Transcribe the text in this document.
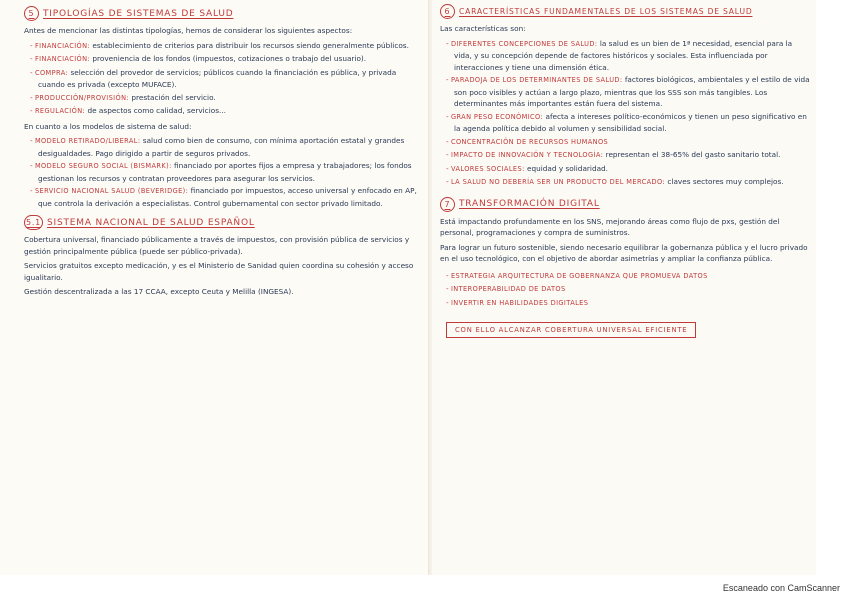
5 TIPOLOGÍAS DE SISTEMAS DE SALUD

Antes de mencionar las distintas tipologías, hemos de considerar los siguientes aspectos:

- FINANCIACIÓN: establecimiento de criterios para distribuir los recursos siendo generalmente públicos.
- FINANCIACIÓN: proveniencia de los fondos (impuestos, cotizaciones o trabajo del usuario).
- COMPRA: selección del provedor de servicios; públicos cuando la financiación es pública, y privada cuando es privada (excepto MUFACE).
- PRODUCCIÓN/PROVISIÓN: prestación del servicio.
- REGULACIÓN: de aspectos como calidad, servicios...

En cuanto a los modelos de sistema de salud:

- MODELO RETIRADO/LIBERAL: salud como bien de consumo, con mínima aportación estatal y grandes desigualdades. Pago dirigido a partir de seguros privados.
- MODELO SEGURO SOCIAL (BISMARK): financiado por aportes fijos a empresa y trabajadores; los fondos gestionan los recursos y contratan proveedores para asegurar los servicios.
- SERVICIO NACIONAL SALUD (BEVERIDGE): financiado por impuestos, acceso universal y enfocado en AP, que controla la derivación a especialistas. Control gubernamental con sector privado limitado.
5.1 SISTEMA NACIONAL DE SALUD ESPAÑOL

Cobertura universal, financiado públicamente a través de impuestos, con provisión pública de servicios y gestión principalmente pública (puede ser público-privada).

Servicios gratuitos excepto medicación, y es el Ministerio de Sanidad quien coordina su cohesión y acceso igualitario.

Gestión descentralizada a las 17 CCAA, excepto Ceuta y Melilla (INGESA).

6	CARACTERÍSTICAS FUNDAMENTALES DE LOS SISTEMAS DE SALUD

Las características son:

- DIFERENTES CONCEPCIONES DE SALUD: la salud es un bien de 1ª necesidad, esencial para la vida, y su concepción depende de factores históricos y sociales. Esta influenciada por interacciones y tiene una dimensión ética.
- PARADOJA DE LOS DETERMINANTES DE SALUD: factores biológicos, ambientales y el estilo de vida son poco visibles y actúan a largo plazo, mientras que los SSS son más tangibles. Los determinantes más importantes están fuera del sistema.
- GRAN PESO ECONÓMICO: afecta a intereses político-económicos y tienen un peso significativo en la agenda política debido al volumen y sensibilidad social.
- CONCENTRACIÓN DE RECURSOS HUMANOS
- IMPACTO DE INNOVACIÓN Y TECNOLOGÍA: representan el 38-65% del gasto sanitario total.
- VALORES SOCIALES: equidad y solidaridad.
- LA SALUD NO DEBERÍA SER UN PRODUCTO DEL MERCADO: claves sectores muy complejos.
7 TRANSFORMACIÓN DIGITAL

Está impactando profundamente en los SNS, mejorando áreas como flujo de pxs, gestión del personal, programaciones y compra de suministros.

Para lograr un futuro sostenible, siendo necesario equilibrar la gobernanza pública y el lucro privado en el uso tecnológico, con el objetivo de abordar asimetrías y ampliar la confianza pública.

- ESTRATEGIA ARQUITECTURA DE GOBERNANZA QUE PROMUEVA DATOS
- INTEROPERABILIDAD DE DATOS
- INVERTIR EN HABILIDADES DIGITALES
CON ELLO ALCANZAR COBERTURA UNIVERSAL EFICIENTE
Escaneado con CamScanner
